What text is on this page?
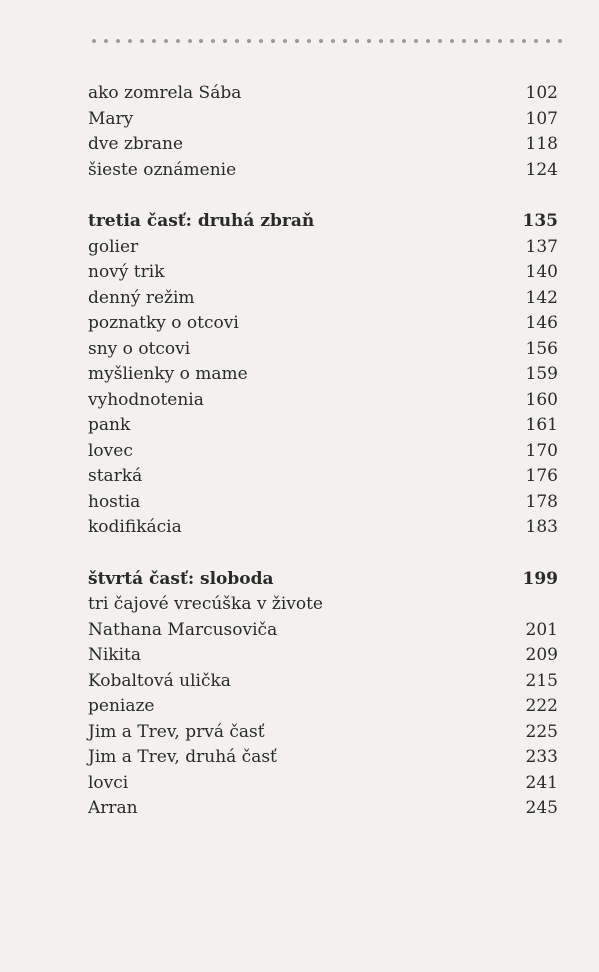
ako zomrela Sába	102
Mary	107
dve zbrane	118
šieste oznámenie	124
tretia časť: druhá zbraň	135
golier	137
nový trik	140
denný režim	142
poznatky o otcovi	146
sny o otcovi	156
myšlienky o mame	159
vyhodnotenia	160
pank	161
lovec	170
starká	176
hostia	178
kodifikácia	183
štvrtá časť: sloboda	199
tri čajové vrecúška v živote
Nathana Marcusoviča	201
Nikita	209
Kobaltová ulička	215
peniaze	222
Jim a Trev, prvá časť	225
Jim a Trev, druhá časť	233
lovci	241
Arran	245
